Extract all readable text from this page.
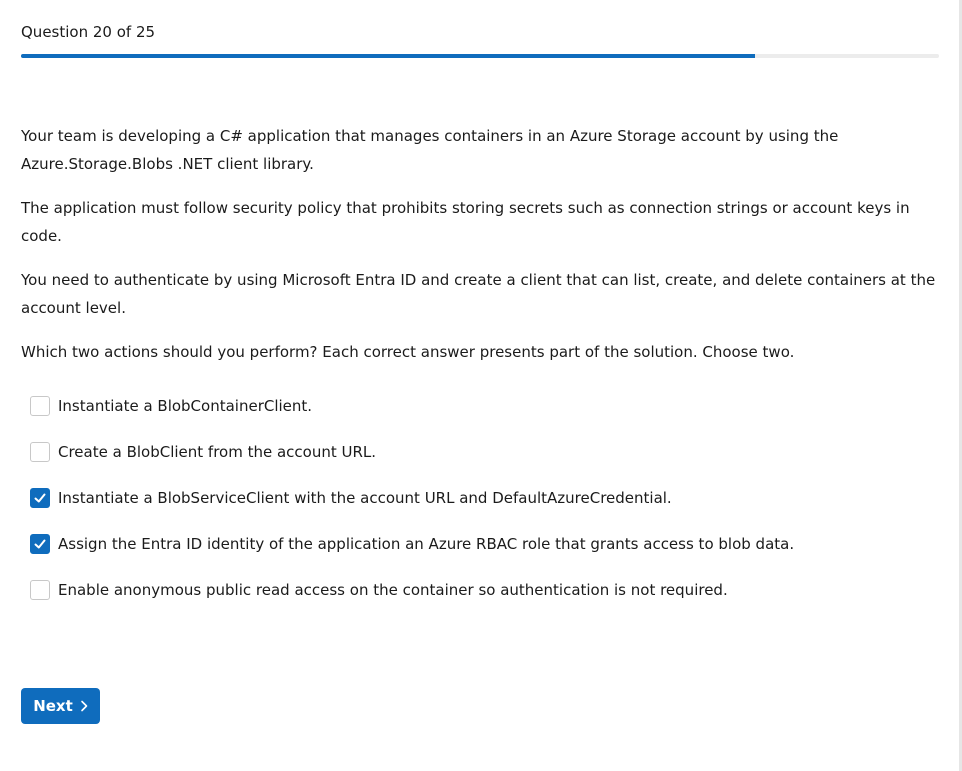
Question 20 of 25

Your team is developing a C# application that manages containers in an Azure Storage account by using the Azure.Storage.Blobs .NET client library.

The application must follow security policy that prohibits storing secrets such as connection strings or account keys in code.

You need to authenticate by using Microsoft Entra ID and create a client that can list, create, and delete containers at the account level.

Which two actions should you perform? Each correct answer presents part of the solution. Choose two.

Instantiate a BlobContainerClient.
Create a BlobClient from the account URL.
Instantiate a BlobServiceClient with the account URL and DefaultAzureCredential.
Assign the Entra ID identity of the application an Azure RBAC role that grants access to blob data.
Enable anonymous public read access on the container so authentication is not required.
Next
